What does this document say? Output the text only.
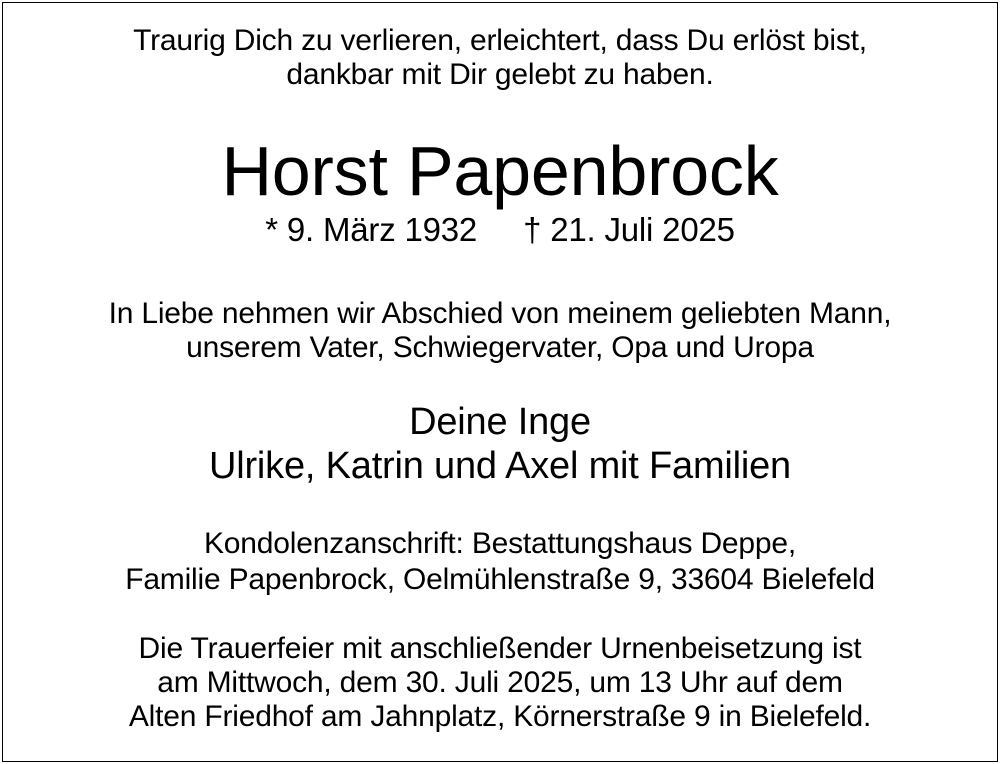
Traurig Dich zu verlieren, erleichtert, dass Du erlöst bist,
dankbar mit Dir gelebt zu haben.
Horst Papenbrock
* 9. März 1932 † 21. Juli 2025
In Liebe nehmen wir Abschied von meinem geliebten Mann,
unserem Vater, Schwiegervater, Opa und Uropa
Deine Inge
Ulrike, Katrin und Axel mit Familien
Kondolenzanschrift: Bestattungshaus Deppe,
Familie Papenbrock, Oelmühlenstraße 9, 33604 Bielefeld
Die Trauerfeier mit anschließender Urnenbeisetzung ist
am Mittwoch, dem 30. Juli 2025, um 13 Uhr auf dem
Alten Friedhof am Jahnplatz, Körnerstraße 9 in Bielefeld.
